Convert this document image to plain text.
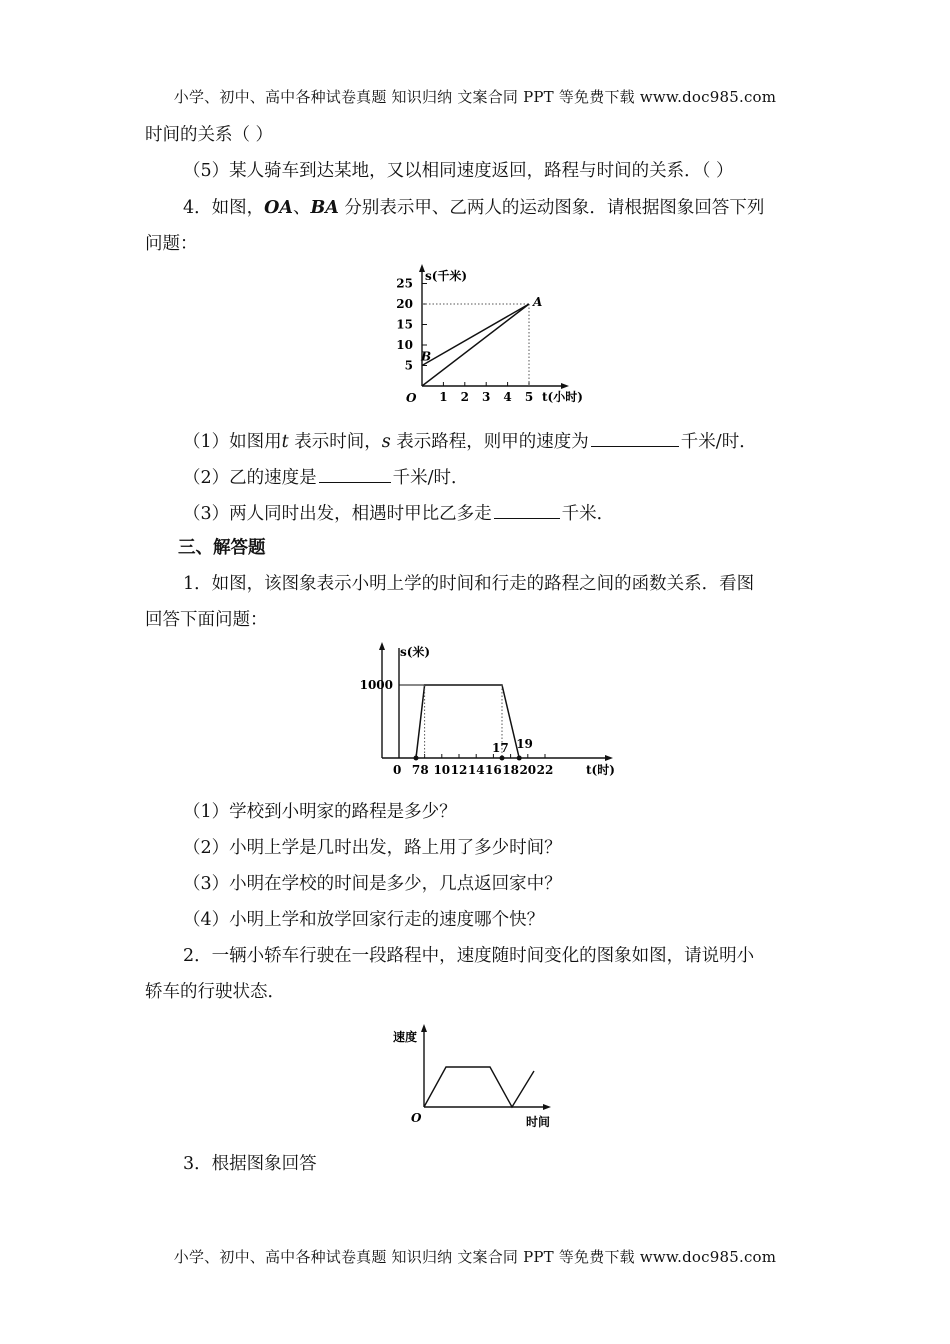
小学、初中、高中各种试卷真题 知识归纳 文案合同 PPT 等免费下载 www.doc985.com
时间的关系（ ）
（5）某人骑车到达某地，又以相同速度返回，路程与时间的关系．（ ）
4．如图，OA、BA 分别表示甲、乙两人的运动图象．请根据图象回答下列
问题：
s(千米)
t(小时)
O 1 2 3 4 5
5
10
15
20
25
A
B
（1）如图用t 表示时间，s 表示路程，则甲的速度为	千米/时．
（2）乙的速度是	千米/时．
（3）两人同时出发，相遇时甲比乙多走	千米．
三、解答题
1．如图，该图象表示小明上学的时间和行走的路程之间的函数关系．看图
回答下面问题：
s(米)
t(时)
0 7 8 10 12 14 16 18 20 22
1000
17 19
（1）学校到小明家的路程是多少？
（2）小明上学是几时出发，路上用了多少时间？
（3）小明在学校的时间是多少，几点返回家中？
（4）小明上学和放学回家行走的速度哪个快？
2．一辆小轿车行驶在一段路程中，速度随时间变化的图象如图，请说明小
轿车的行驶状态．
速度
时间
O
3．根据图象回答
小学、初中、高中各种试卷真题 知识归纳 文案合同 PPT 等免费下载 www.doc985.com
